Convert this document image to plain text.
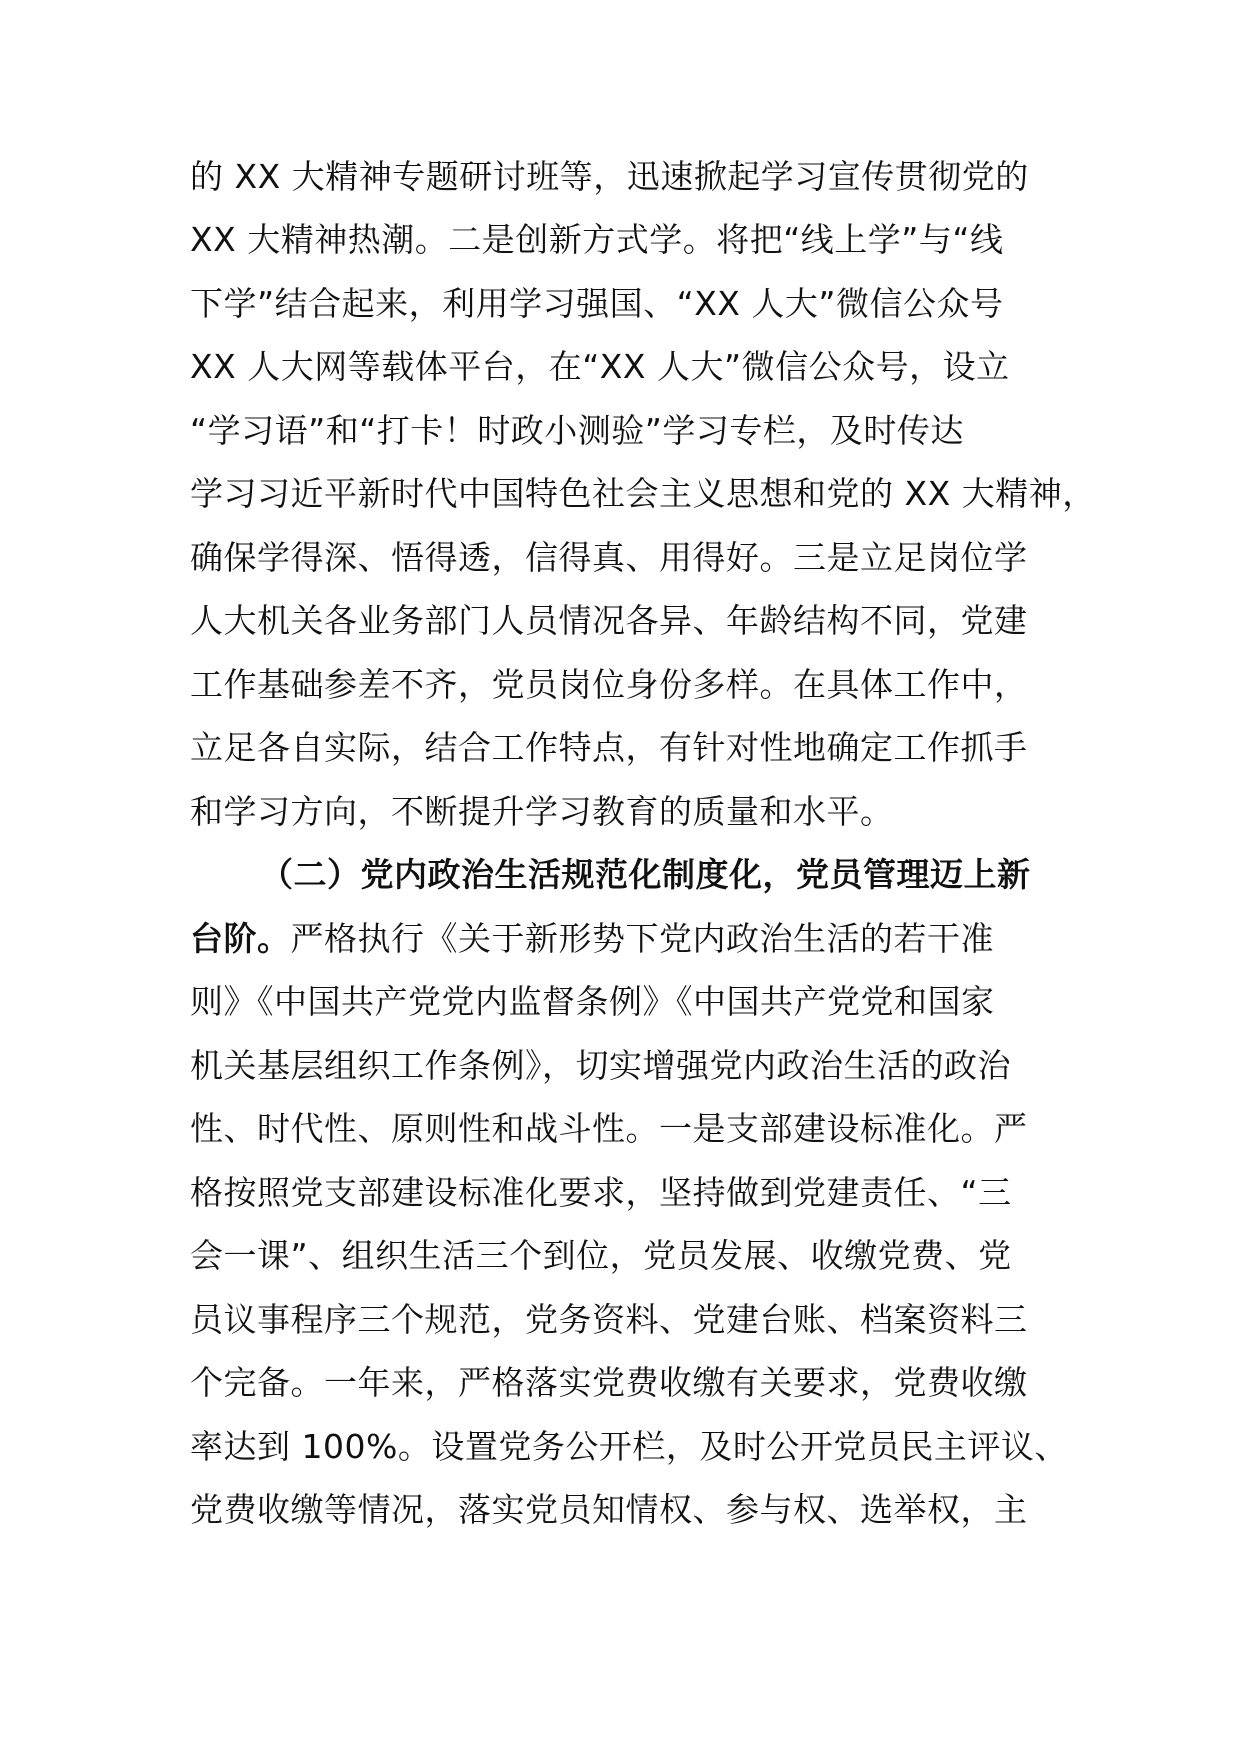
的 XX 大精神专题研讨班等，迅速掀起学习宣传贯彻党的
XX 大精神热潮。二是创新方式学。将把“线上学”与“线
下学”结合起来，利用学习强国、“XX 人大”微信公众号
XX 人大网等载体平台，在“XX 人大”微信公众号，设立
“学习语”和“打卡！时政小测验”学习专栏，及时传达
学习习近平新时代中国特色社会主义思想和党的 XX 大精神，
确保学得深、悟得透，信得真、用得好。三是立足岗位学
人大机关各业务部门人员情况各异、年龄结构不同，党建
工作基础参差不齐，党员岗位身份多样。在具体工作中，
立足各自实际，结合工作特点，有针对性地确定工作抓手
和学习方向，不断提升学习教育的质量和水平。
（二）党内政治生活规范化制度化，党员管理迈上新
台阶。严格执行《关于新形势下党内政治生活的若干准
则》《中国共产党党内监督条例》《中国共产党党和国家
机关基层组织工作条例》，切实增强党内政治生活的政治
性、时代性、原则性和战斗性。一是支部建设标准化。严
格按照党支部建设标准化要求，坚持做到党建责任、“三
会一课”、组织生活三个到位，党员发展、收缴党费、党
员议事程序三个规范，党务资料、党建台账、档案资料三
个完备。一年来，严格落实党费收缴有关要求，党费收缴
率达到 100%。设置党务公开栏，及时公开党员民主评议、
党费收缴等情况，落实党员知情权、参与权、选举权，主
